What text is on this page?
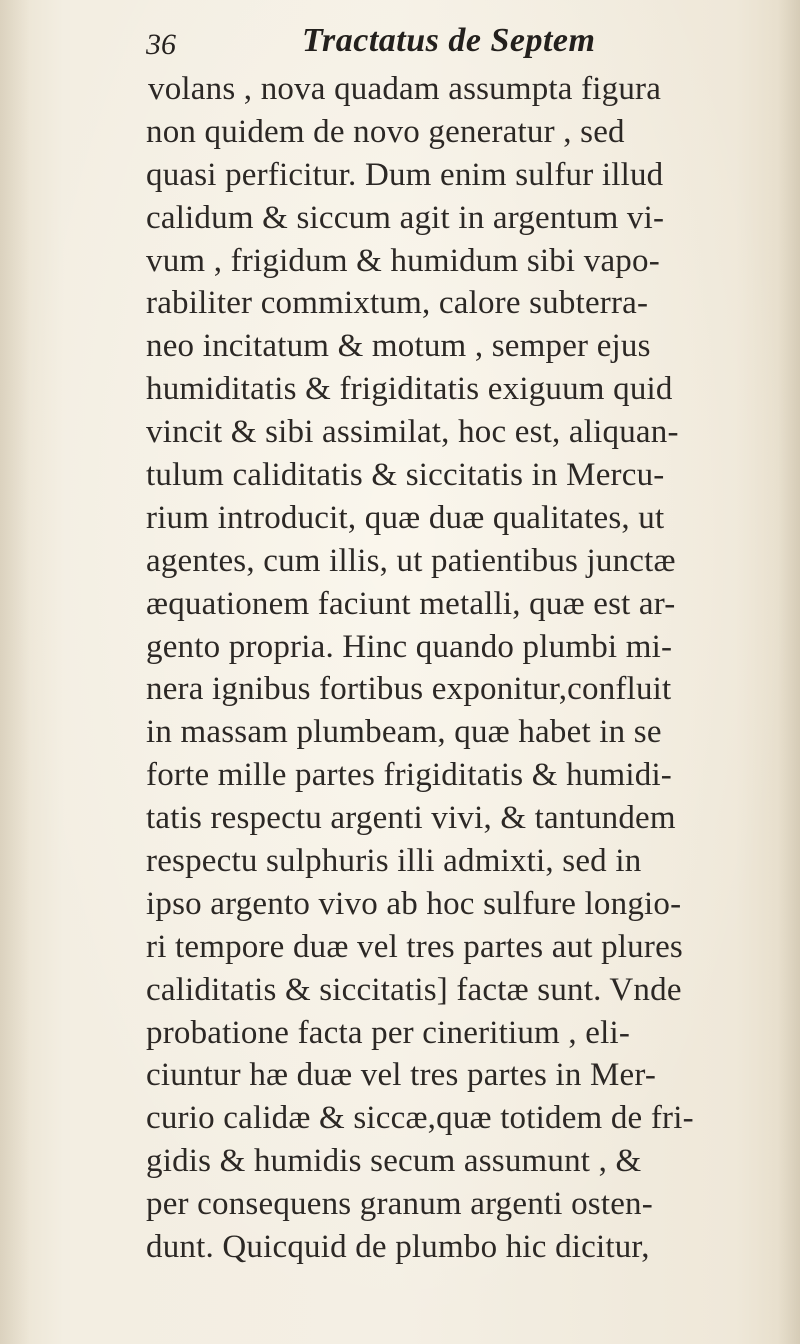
36	Tractatus de Septem
volans , nova quadam assumpta figura
non quidem de novo generatur , sed
quasi perficitur. Dum enim sulfur illud
calidum & siccum agit in argentum vi-
vum , frigidum & humidum sibi vapo-
rabiliter commixtum, calore subterra-
neo incitatum & motum , semper ejus
humiditatis & frigiditatis exiguum quid
vincit & sibi assimilat, hoc est, aliquan-
tulum caliditatis & siccitatis in Mercu-
rium introducit, quæ duæ qualitates, ut
agentes, cum illis, ut patientibus junctæ
æquationem faciunt metalli, quæ est ar-
gento propria. Hinc quando plumbi mi-
nera ignibus fortibus exponitur,confluit
in massam plumbeam, quæ habet in se
forte mille partes frigiditatis & humidi-
tatis respectu argenti vivi, & tantundem
respectu sulphuris illi admixti, sed in
ipso argento vivo ab hoc sulfure longio-
ri tempore duæ vel tres partes aut plures
caliditatis & siccitatis] factæ sunt. Vnde
probatione facta per cineritium , eli-
ciuntur hæ duæ vel tres partes in Mer-
curio calidæ & siccæ,quæ totidem de fri-
gidis & humidis secum assumunt , &
per consequens granum argenti osten-
dunt. Quicquid de plumbo hic dicitur,
